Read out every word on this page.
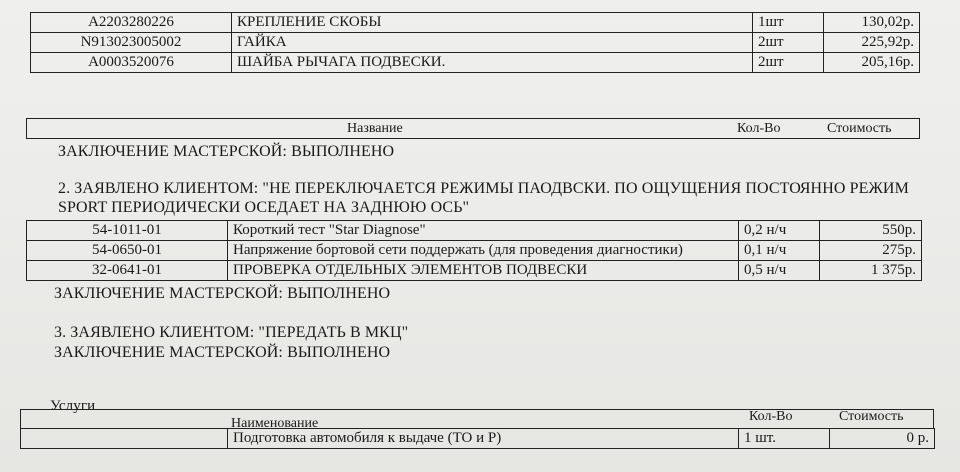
A2203280226	КРЕПЛЕНИЕ СКОБЫ	1шт	130,02р.
N913023005002	ГАЙКА	2шт	225,92р.
A0003520076	ШАЙБА РЫЧАГА ПОДВЕСКИ.	2шт	205,16р.
Название	Кол-Во	Стоимость
ЗАКЛЮЧЕНИЕ МАСТЕРСКОЙ: ВЫПОЛНЕНО
2. ЗАЯВЛЕНО КЛИЕНТОМ: "НЕ ПЕРЕКЛЮЧАЕТСЯ РЕЖИМЫ ПАОДВСКИ. ПО ОЩУЩЕНИЯ ПОСТОЯННО РЕЖИМ
SPORT ПЕРИОДИЧЕСКИ ОСЕДАЕТ НА ЗАДНЮЮ ОСЬ"
54-1011-01	Короткий тест "Star Diagnose"	0,2 н/ч	550р.
54-0650-01	Напряжение бортовой сети поддержать (для проведения диагностики)	0,1 н/ч	275р.
32-0641-01	ПРОВЕРКА ОТДЕЛЬНЫХ ЭЛЕМЕНТОВ ПОДВЕСКИ	0,5 н/ч	1 375р.
ЗАКЛЮЧЕНИЕ МАСТЕРСКОЙ: ВЫПОЛНЕНО
3. ЗАЯВЛЕНО КЛИЕНТОМ: "ПЕРЕДАТЬ В МКЦ"
ЗАКЛЮЧЕНИЕ МАСТЕРСКОЙ: ВЫПОЛНЕНО
Услуги
Наименование	Кол-Во	Стоимость
	Подготовка автомобиля к выдаче (ТО и Р)	1 шт.	0 р.
